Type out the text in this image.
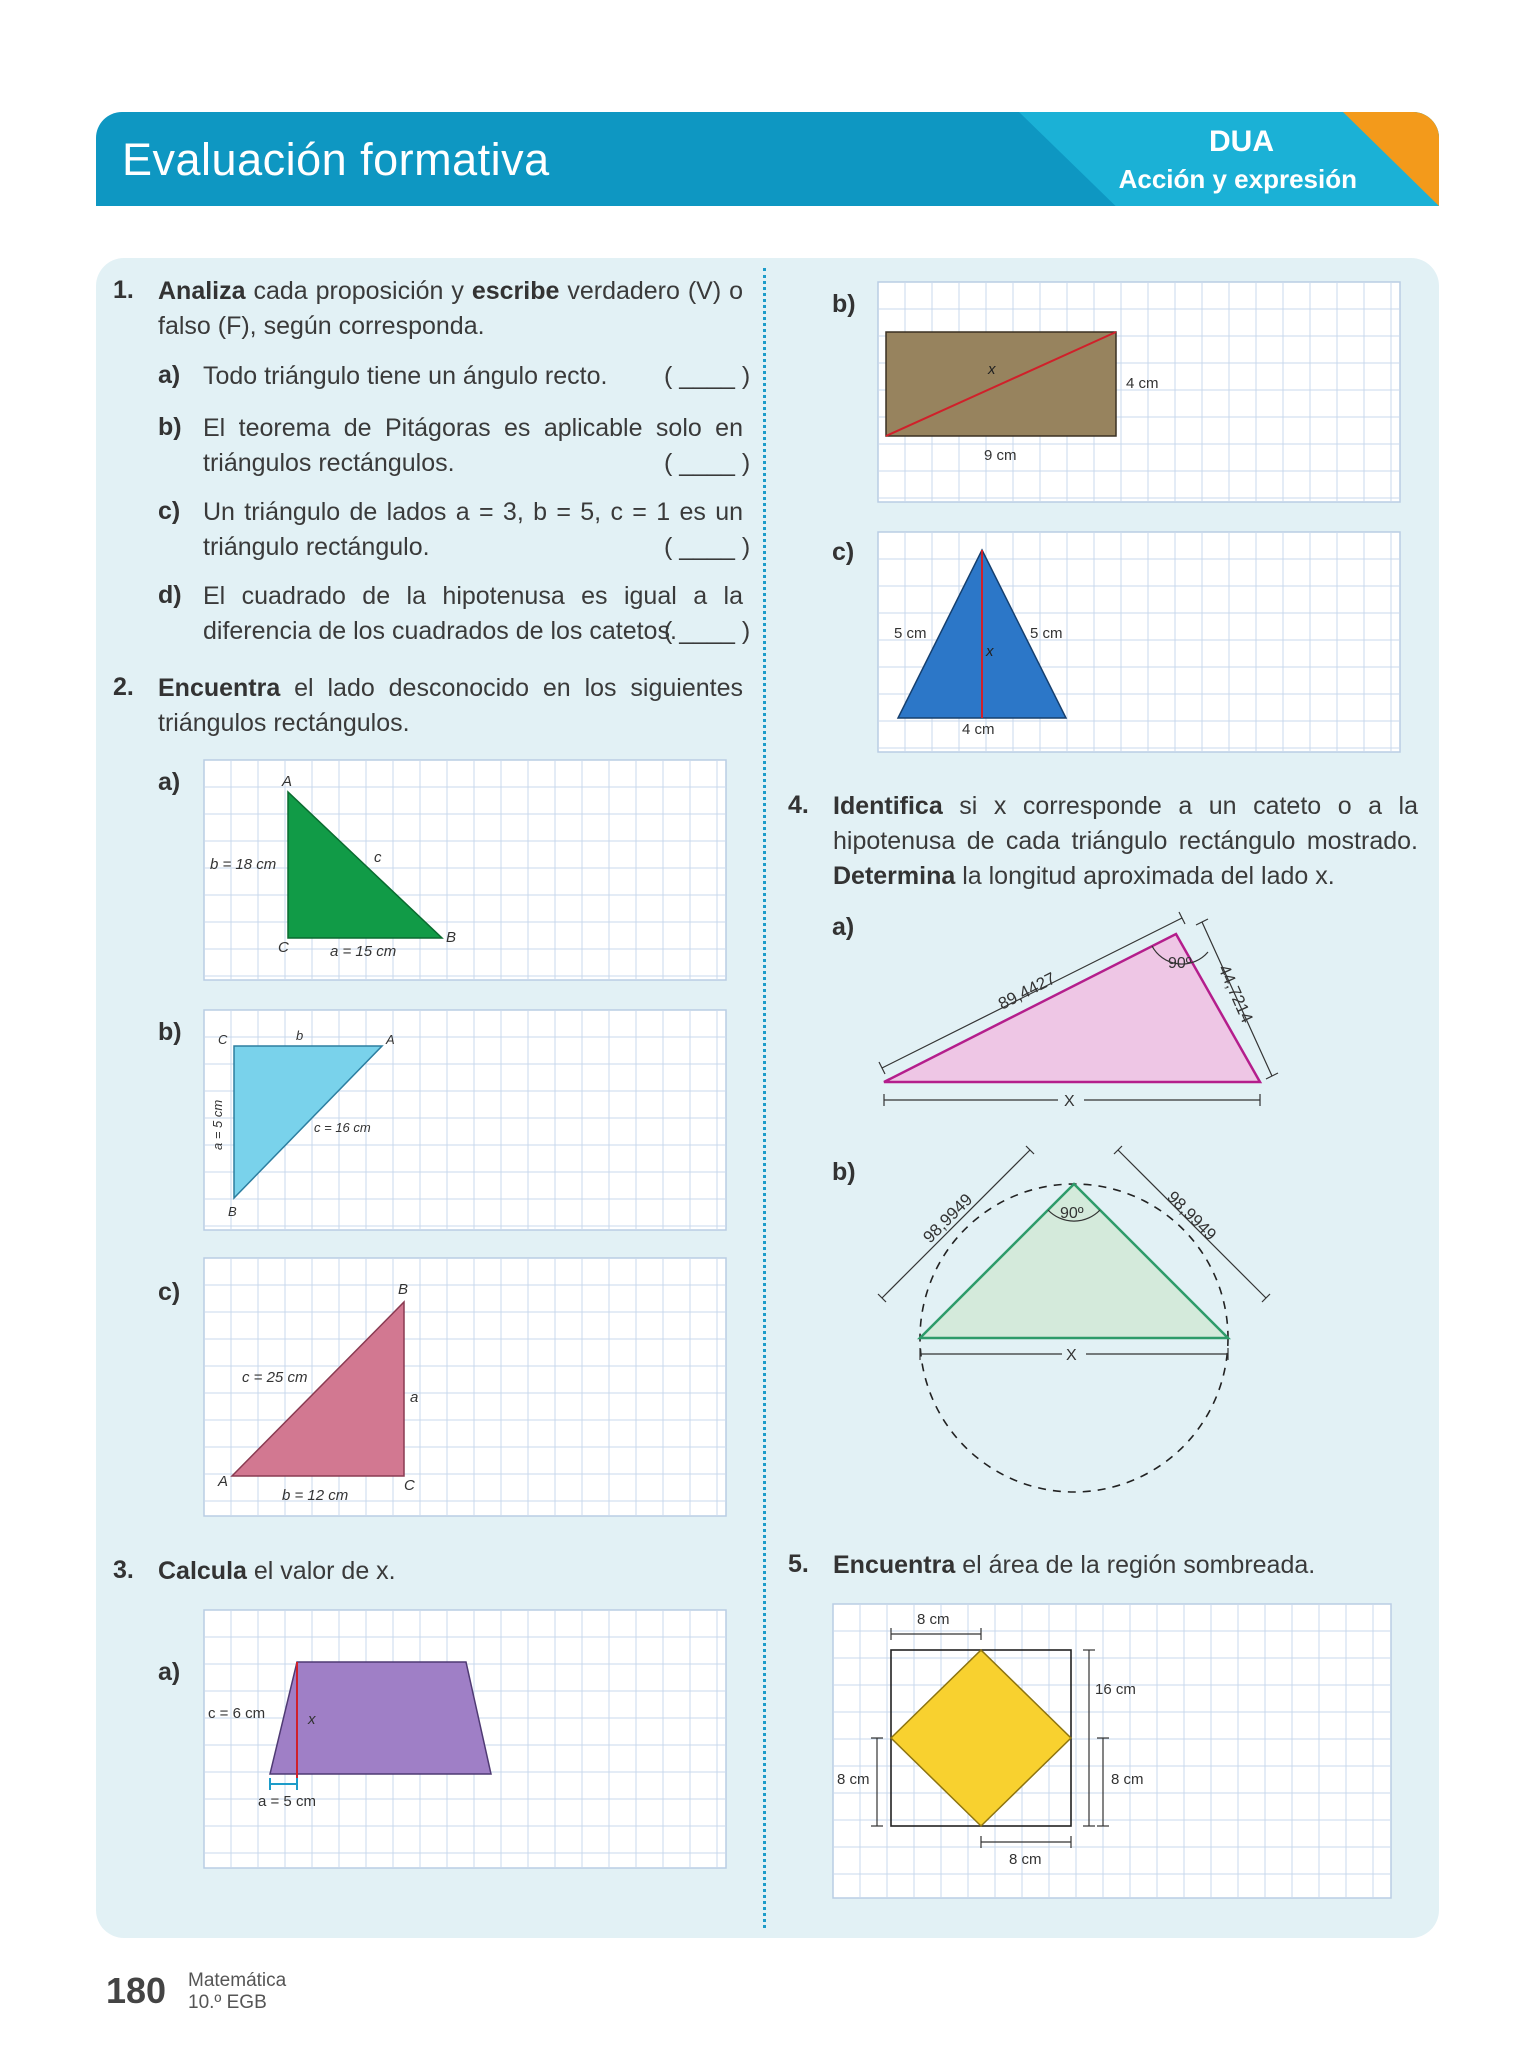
Evaluación formativa	DUA
Acción y expresión
1. Analiza cada proposición y escribe verdadero (V) o falso (F), según corresponda.
a) Todo triángulo tiene un ángulo recto.	( ____ )
b) El teorema de Pitágoras es aplicable solo en triángulos rectángulos.	( ____ )
c) Un triángulo de lados a = 3, b = 5, c = 1 es un triángulo rectángulo.	( ____ )
d) El cuadrado de la hipotenusa es igual a la diferencia de los cuadrados de los catetos.
( ____ )
2. Encuentra el lado desconocido en los siguientes triángulos rectángulos.
a)	A
B
C
b = 18 cm	c
a = 15 cm
b)	C	b	A
a = 5 cm	c = 16 cm
B
c)	B
c = 25 cm
a
A	C
b = 12 cm
3. Calcula el valor de x.
a)
c = 6 cm	x
a = 5 cm
b)
x
4 cm
9 cm
c)
5 cm	5 cm
x
4 cm
4. Identifica si x corresponde a un cateto o a la hipotenusa de cada triángulo rectángulo mostrado. Determina la longitud aproximada del lado x.
a)
89,4427	44,7214
90º
X
b)
98,9949	98,9949
90º
X
5. Encuentra el área de la región sombreada.
8 cm
16 cm
8 cm	8 cm
8 cm
180 Matemática
10.º EGB
